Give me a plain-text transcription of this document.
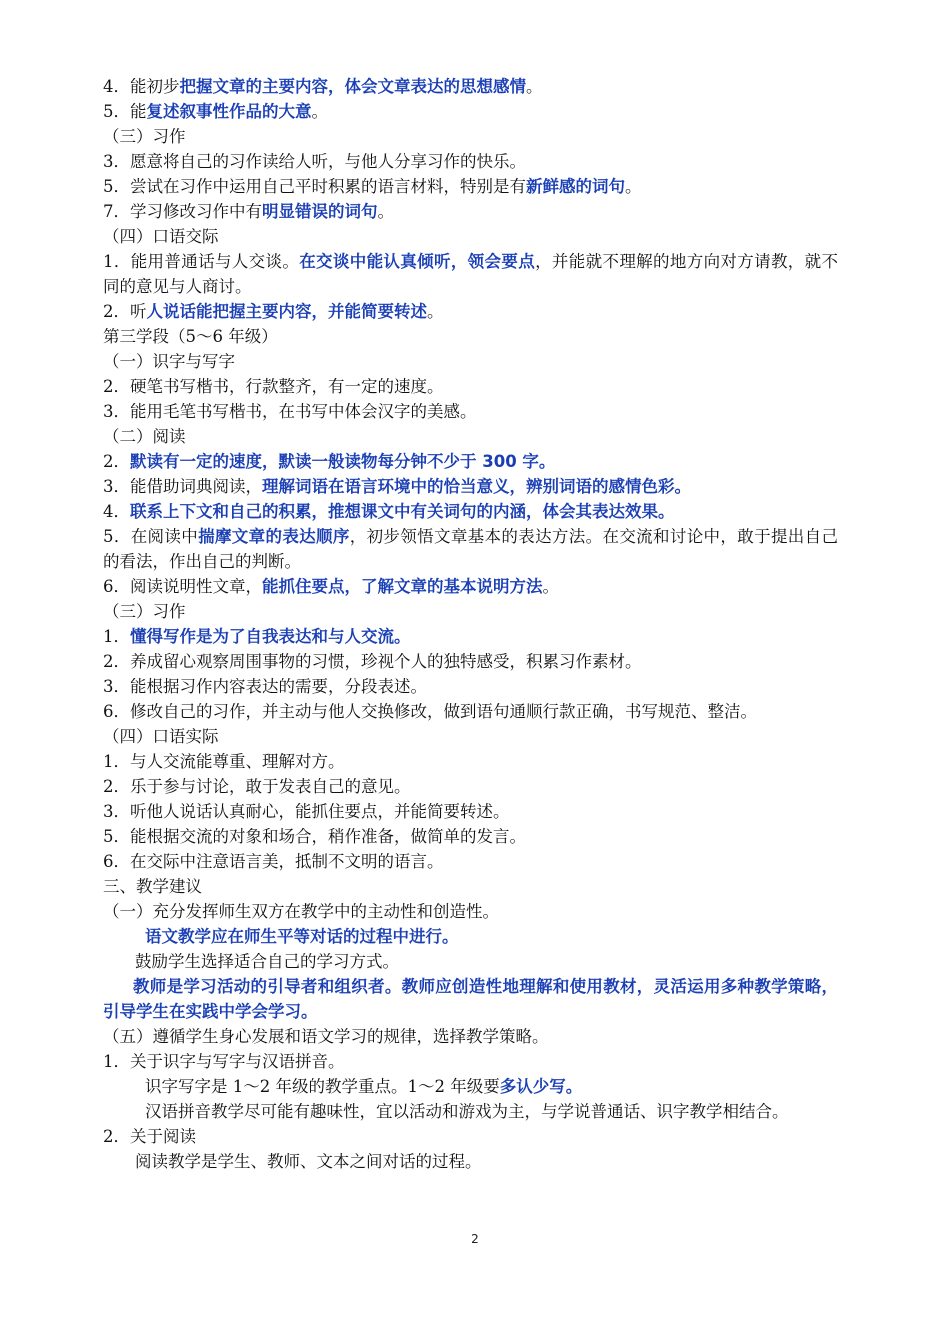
4．能初步把握文章的主要内容，体会文章表达的思想感情。
5．能复述叙事性作品的大意。
（三）习作
3．愿意将自己的习作读给人听，与他人分享习作的快乐。
5．尝试在习作中运用自己平时积累的语言材料，特别是有新鲜感的词句。
7．学习修改习作中有明显错误的词句。
（四）口语交际
1．能用普通话与人交谈。在交谈中能认真倾听，领会要点，并能就不理解的地方向对方请教，就不同的意见与人商讨。
2．听人说话能把握主要内容，并能简要转述。
第三学段（5～6 年级）
（一）识字与写字
2．硬笔书写楷书，行款整齐，有一定的速度。
3．能用毛笔书写楷书，在书写中体会汉字的美感。
（二）阅读
2．默读有一定的速度，默读一般读物每分钟不少于 300 字。
3．能借助词典阅读，理解词语在语言环境中的恰当意义，辨别词语的感情色彩。
4．联系上下文和自己的积累，推想课文中有关词句的内涵，体会其表达效果。
5．在阅读中揣摩文章的表达顺序，初步领悟文章基本的表达方法。在交流和讨论中，敢于提出自己的看法，作出自己的判断。
6．阅读说明性文章，能抓住要点，了解文章的基本说明方法。
（三）习作
1．懂得写作是为了自我表达和与人交流。
2．养成留心观察周围事物的习惯，珍视个人的独特感受，积累习作素材。
3．能根据习作内容表达的需要，分段表述。
6．修改自己的习作，并主动与他人交换修改，做到语句通顺行款正确，书写规范、整洁。
（四）口语实际
1．与人交流能尊重、理解对方。
2．乐于参与讨论，敢于发表自己的意见。
3．听他人说话认真耐心，能抓住要点，并能简要转述。
5．能根据交流的对象和场合，稍作准备，做简单的发言。
6．在交际中注意语言美，抵制不文明的语言。
三、教学建议
（一）充分发挥师生双方在教学中的主动性和创造性。
语文教学应在师生平等对话的过程中进行。
鼓励学生选择适合自己的学习方式。
教师是学习活动的引导者和组织者。教师应创造性地理解和使用教材，灵活运用多种教学策略，引导学生在实践中学会学习。
（五）遵循学生身心发展和语文学习的规律，选择教学策略。
1．关于识字与写字与汉语拼音。
识字写字是 1～2 年级的教学重点。1～2 年级要多认少写。
汉语拼音教学尽可能有趣味性，宜以活动和游戏为主，与学说普通话、识字教学相结合。
2．关于阅读
阅读教学是学生、教师、文本之间对话的过程。
2
